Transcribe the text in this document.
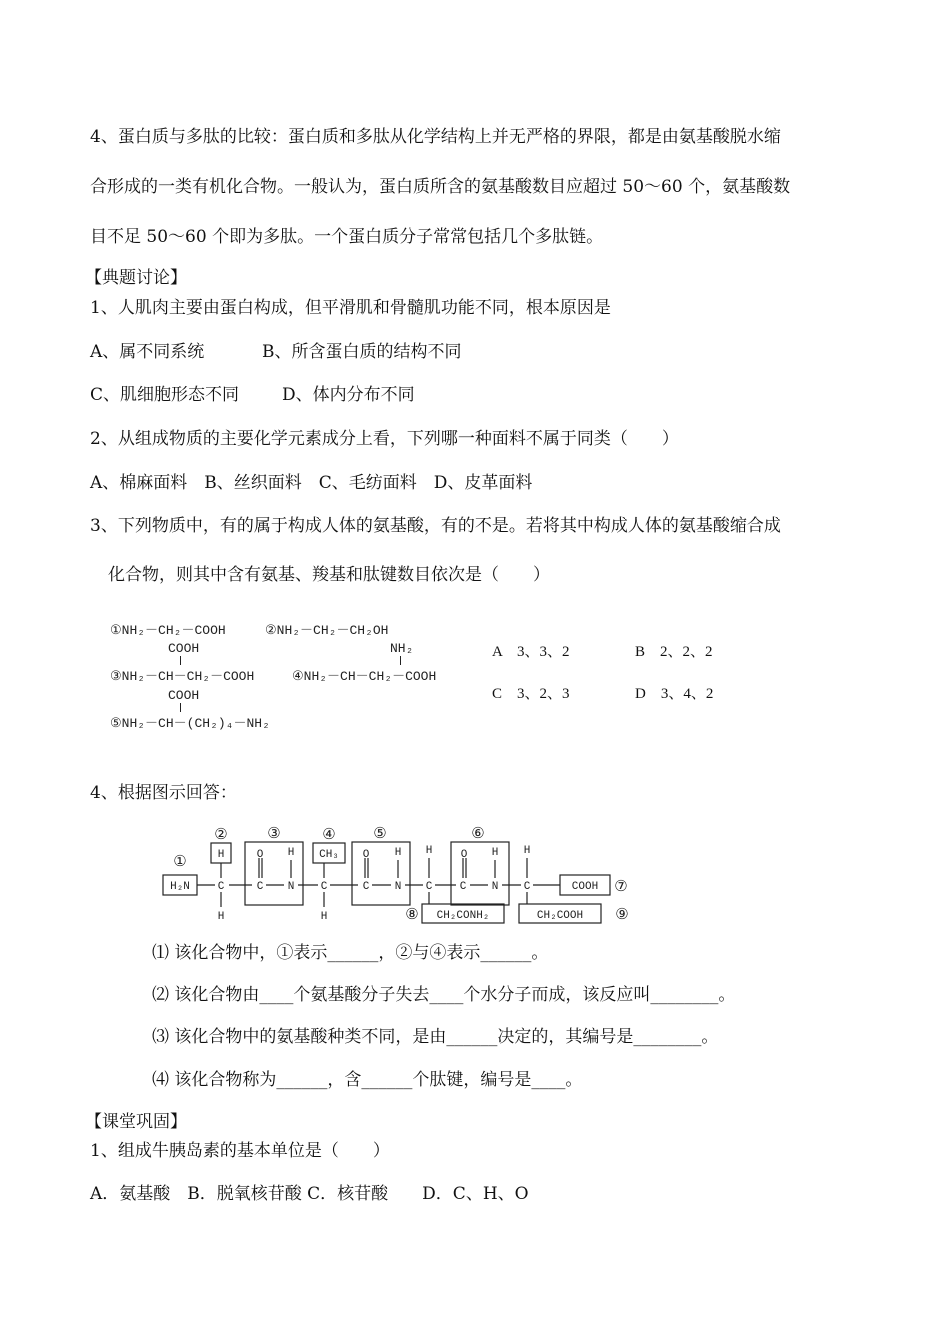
4、蛋白质与多肽的比较：蛋白质和多肽从化学结构上并无严格的界限，都是由氨基酸脱水缩
合形成的一类有机化合物。一般认为，蛋白质所含的氨基酸数目应超过 50～60 个，氨基酸数
目不足 50～60 个即为多肽。一个蛋白质分子常常包括几个多肽链。
【典题讨论】
1、人肌肉主要由蛋白构成，但平滑肌和骨髓肌功能不同，根本原因是
A、属不同系统	B、所含蛋白质的结构不同
C、肌细胞形态不同	D、体内分布不同
2、从组成物质的主要化学元素成分上看，下列哪一种面料不属于同类（　　）
A、棉麻面料　B、丝织面料　C、毛纺面料　D、皮革面料
3、下列物质中，有的属于构成人体的氨基酸，有的不是。若将其中构成人体的氨基酸缩合成
化合物，则其中含有氨基、羧基和肽键数目依次是（　　）
①NH₂－CH₂－COOH	②NH₂－CH₂－CH₂OH
COOH	NH₂
③NH₂－CH－CH₂－COOH	④NH₂－CH－CH₂－COOH
COOH
⑤NH₂－CH－(CH₂)₄－NH₂
A　3、3、2	B　2、2、2
C　3、2、3	D　3、4、2
4、根据图示回答：
①
②	③	④	⑤	⑥
⑦
⑧	⑨
H₂N
H
C
H
O
C
H
N
CH₃
C
H
O
C
H
N
H
C
O
C
H
N
H
C	COOH
CH₂CONH₂	CH₂COOH
⑴ 该化合物中，①表示______，②与④表示______。
⑵ 该化合物由____个氨基酸分子失去____个水分子而成，该反应叫________。
⑶ 该化合物中的氨基酸种类不同，是由______决定的，其编号是________。
⑷ 该化合物称为______，含______个肽键，编号是____。
【课堂巩固】
1、组成牛胰岛素的基本单位是（　　）
A．氨基酸　B．脱氧核苷酸 C．核苷酸　　D．C、H、O
